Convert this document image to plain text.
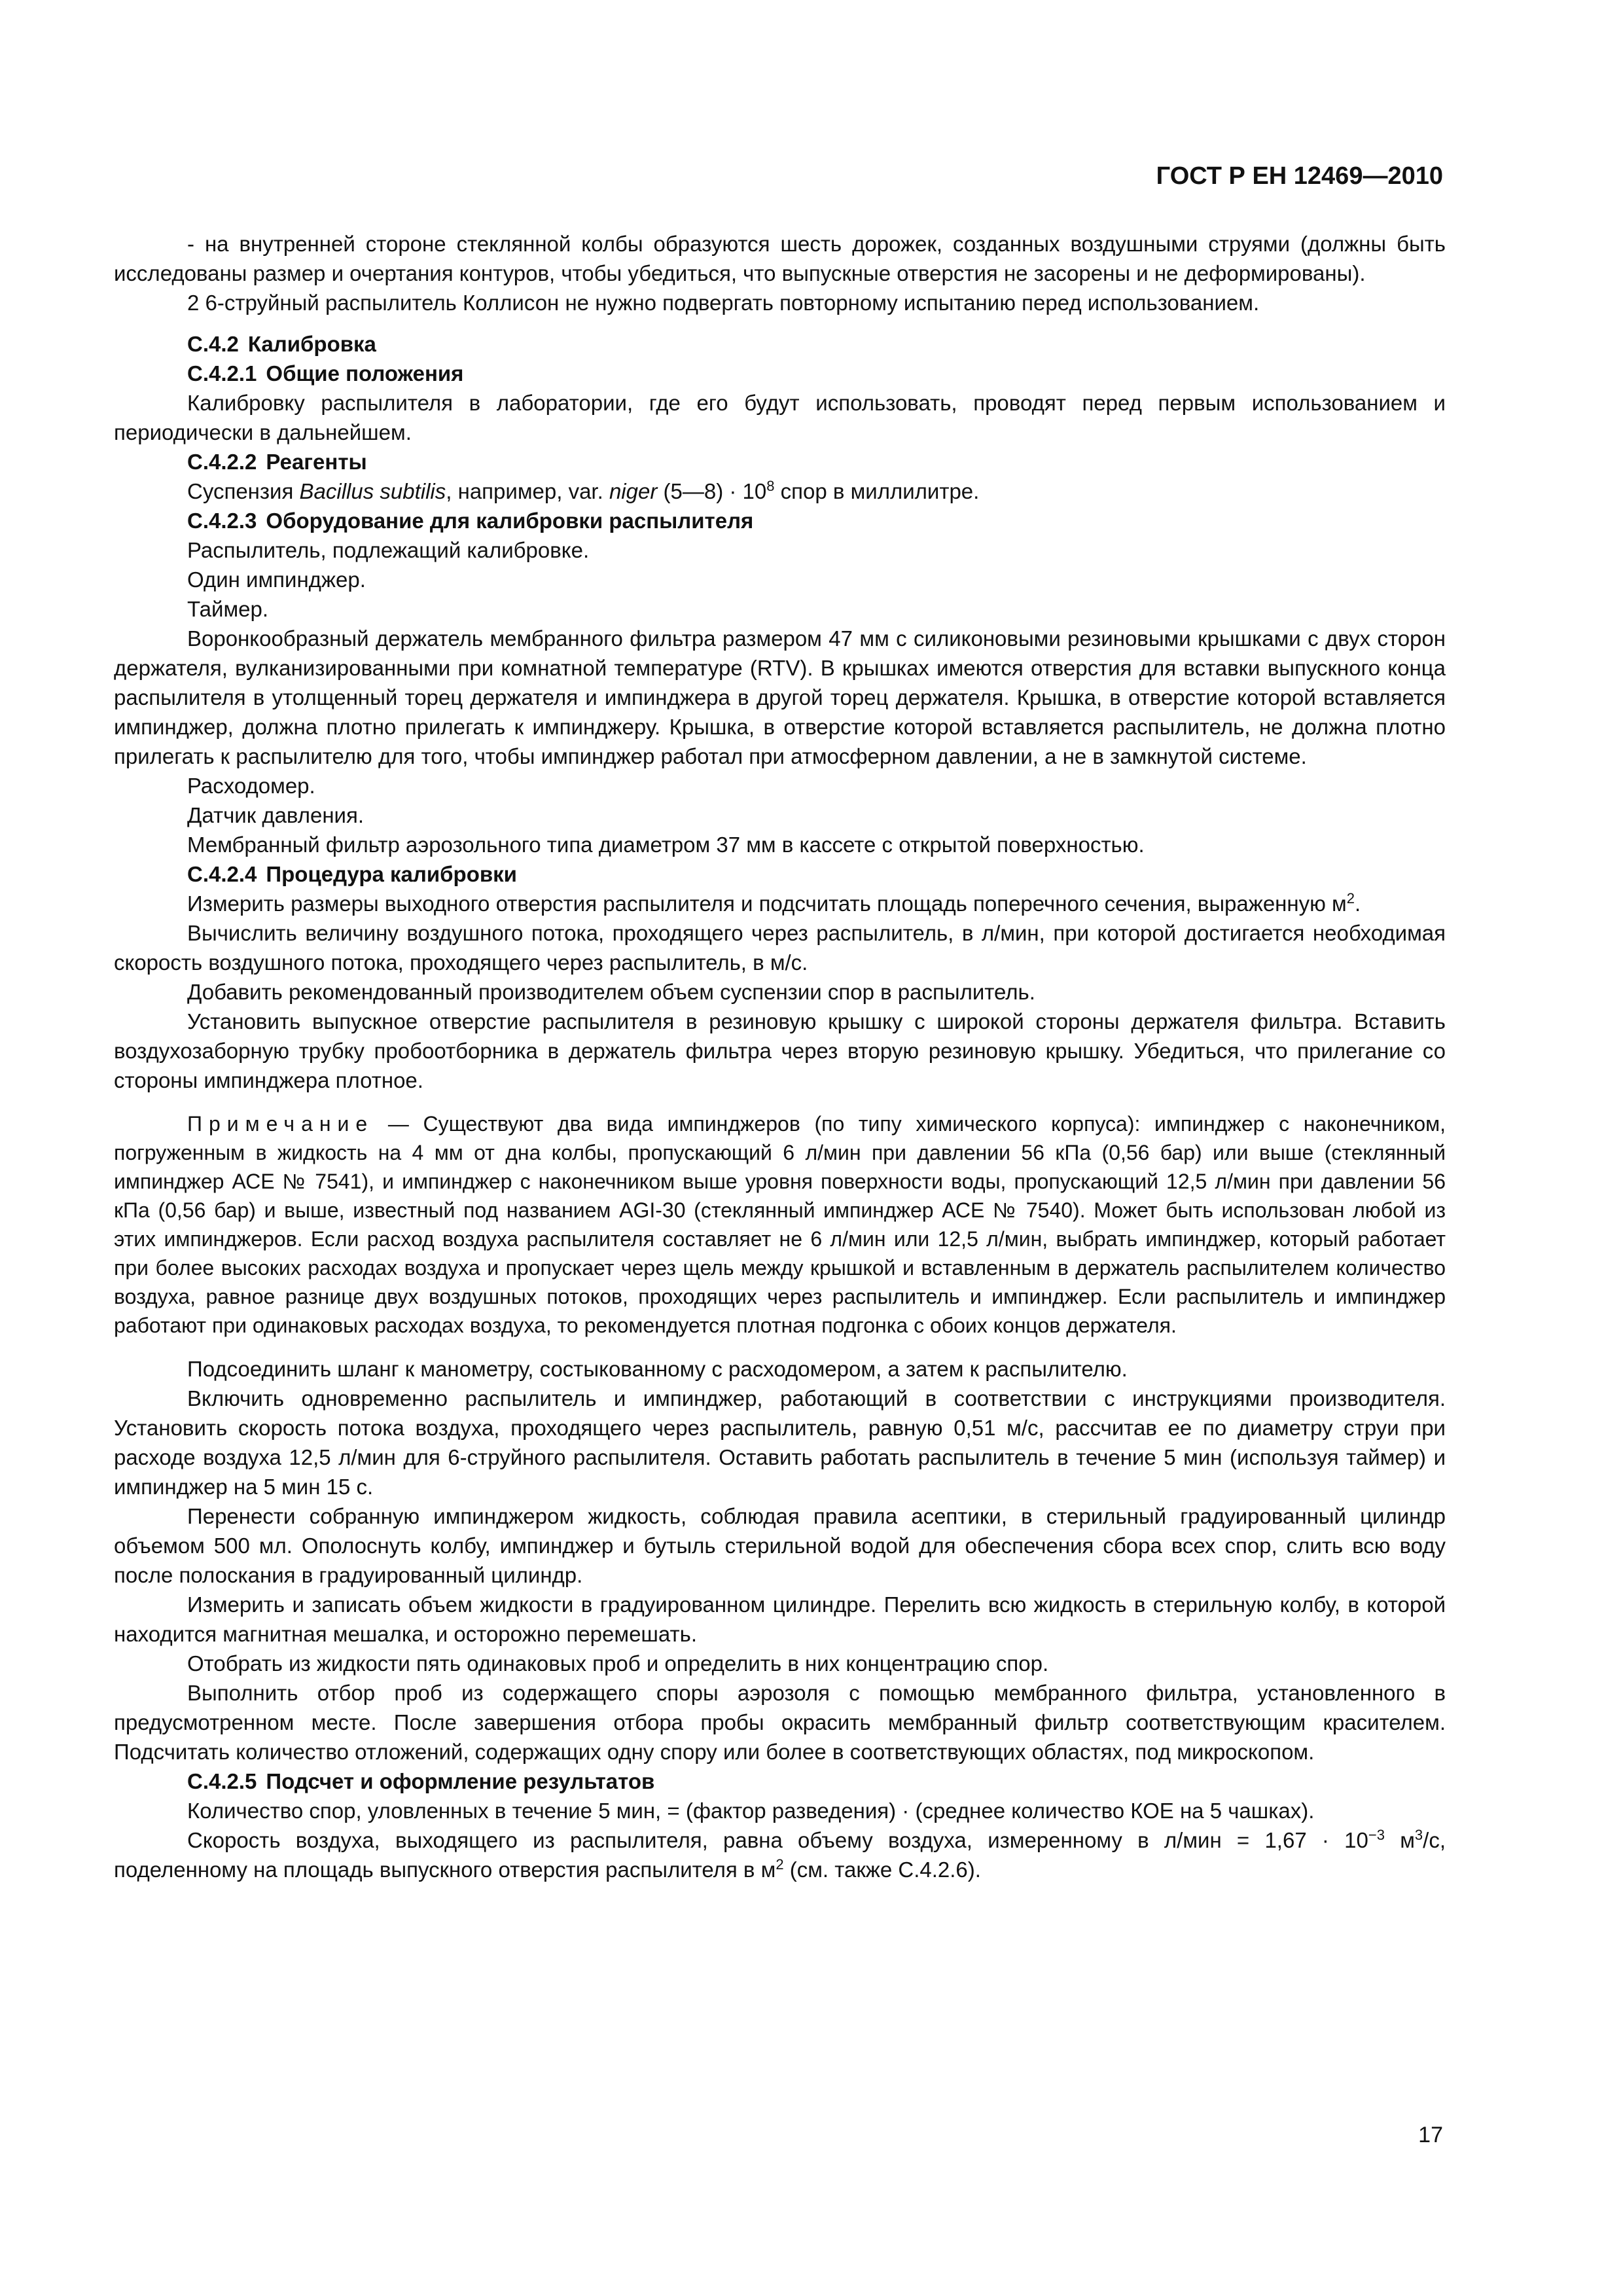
ГОСТ Р ЕН 12469—2010

- на внутренней стороне стеклянной колбы образуются шесть дорожек, созданных воздушными струями (должны быть исследованы размер и очертания контуров, чтобы убедиться, что выпускные отверстия не засорены и не деформированы).

2 6-струйный распылитель Коллисон не нужно подвергать повторному испытанию перед использованием.

С.4.2 Калибровка
С.4.2.1 Общие положения

Калибровку распылителя в лаборатории, где его будут использовать, проводят перед первым использованием и периодически в дальнейшем.

С.4.2.2 Реагенты

Суспензия Bacillus subtilis, например, var. niger (5—8) · $10^8$ спор в миллилитре.

С.4.2.3 Оборудование для калибровки распылителя

Распылитель, подлежащий калибровке.

Один импинджер.

Таймер.

Воронкообразный держатель мембранного фильтра размером 47 мм с силиконовыми резиновыми крышками с двух сторон держателя, вулканизированными при комнатной температуре (RTV). В крышках имеются отверстия для вставки выпускного конца распылителя в утолщенный торец держателя и импинджера в другой торец держателя. Крышка, в отверстие которой вставляется импинджер, должна плотно прилегать к импинджеру. Крышка, в отверстие которой вставляется распылитель, не должна плотно прилегать к распылителю для того, чтобы импинджер работал при атмосферном давлении, а не в замкнутой системе.

Расходомер.

Датчик давления.

Мембранный фильтр аэрозольного типа диаметром 37 мм в кассете с открытой поверхностью.

С.4.2.4 Процедура калибровки

Измерить размеры выходного отверстия распылителя и подсчитать площадь поперечного сечения, выраженную $м^2$.

Вычислить величину воздушного потока, проходящего через распылитель, в л/мин, при которой достигается необходимая скорость воздушного потока, проходящего через распылитель, в м/с.

Добавить рекомендованный производителем объем суспензии спор в распылитель.

Установить выпускное отверстие распылителя в резиновую крышку с широкой стороны держателя фильтра. Вставить воздухозаборную трубку пробоотборника в держатель фильтра через вторую резиновую крышку. Убедиться, что прилегание со стороны импинджера плотное.

Примечание — Существуют два вида импинджеров (по типу химического корпуса): импинджер с наконечником, погруженным в жидкость на 4 мм от дна колбы, пропускающий 6 л/мин при давлении 56 кПа (0,56 бар) или выше (стеклянный импинджер АСЕ № 7541), и импинджер с наконечником выше уровня поверхности воды, пропускающий 12,5 л/мин при давлении 56 кПа (0,56 бар) и выше, известный под названием AGI-30 (стеклянный импинджер АСЕ № 7540). Может быть использован любой из этих импинджеров. Если расход воздуха распылителя составляет не 6 л/мин или 12,5 л/мин, выбрать импинджер, который работает при более высоких расходах воздуха и пропускает через щель между крышкой и вставленным в держатель распылителем количество воздуха, равное разнице двух воздушных потоков, проходящих через распылитель и импинджер. Если распылитель и импинджер работают при одинаковых расходах воздуха, то рекомендуется плотная подгонка с обоих концов держателя.

Подсоединить шланг к манометру, состыкованному с расходомером, а затем к распылителю.

Включить одновременно распылитель и импинджер, работающий в соответствии с инструкциями производителя. Установить скорость потока воздуха, проходящего через распылитель, равную 0,51 м/с, рассчитав ее по диаметру струи при расходе воздуха 12,5 л/мин для 6-струйного распылителя. Оставить работать распылитель в течение 5 мин (используя таймер) и импинджер на 5 мин 15 с.

Перенести собранную импинджером жидкость, соблюдая правила асептики, в стерильный градуированный цилиндр объемом 500 мл. Ополоснуть колбу, импинджер и бутыль стерильной водой для обеспечения сбора всех спор, слить всю воду после полоскания в градуированный цилиндр.

Измерить и записать объем жидкости в градуированном цилиндре. Перелить всю жидкость в стерильную колбу, в которой находится магнитная мешалка, и осторожно перемешать.

Отобрать из жидкости пять одинаковых проб и определить в них концентрацию спор.

Выполнить отбор проб из содержащего споры аэрозоля с помощью мембранного фильтра, установленного в предусмотренном месте. После завершения отбора пробы окрасить мембранный фильтр соответствующим красителем. Подсчитать количество отложений, содержащих одну спору или более в соответствующих областях, под микроскопом.

С.4.2.5 Подсчет и оформление результатов

Количество спор, уловленных в течение 5 мин, = (фактор разведения) · (среднее количество КОЕ на 5 чашках).

Скорость воздуха, выходящего из распылителя, равна объему воздуха, измеренному в $л/мин = 1,67 \cdot 10^{-3}$ $м^3/с$, поделенному на площадь выпускного отверстия распылителя в $м^2$ (см. также С.4.2.6).

17
